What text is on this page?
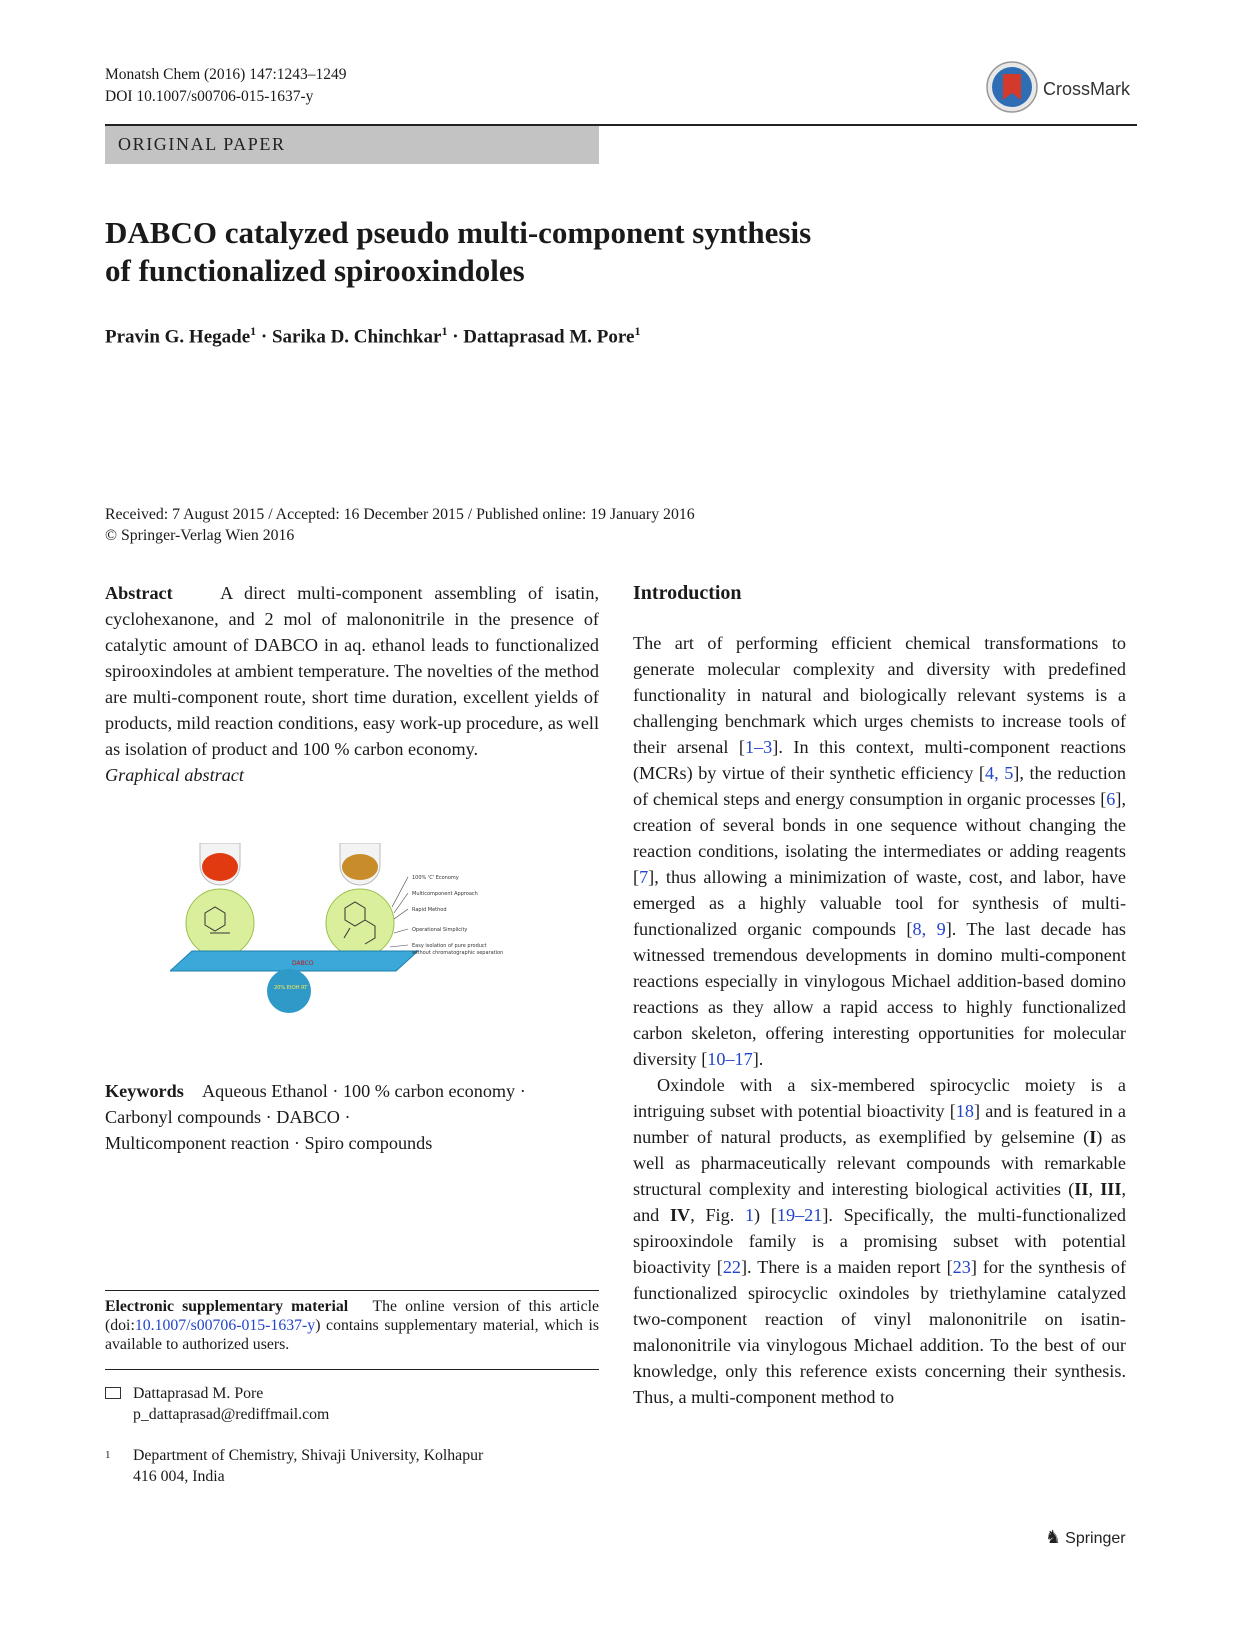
Monatsh Chem (2016) 147:1243–1249
DOI 10.1007/s00706-015-1637-y	CrossMark
ORIGINAL PAPER
DABCO catalyzed pseudo multi-component synthesis
of functionalized spirooxindoles
Pravin G. Hegade$^1$ · Sarika D. Chinchkar$^1$ · Dattaprasad M. Pore$^1$
Received: 7 August 2015 / Accepted: 16 December 2015 / Published online: 19 January 2016
© Springer-Verlag Wien 2016

Abstract	A direct multi-component assembling of isatin, cyclohexanone, and 2 mol of malononitrile in the presence of catalytic amount of DABCO in aq. ethanol leads to functionalized spirooxindoles at ambient temperature. The novelties of the method are multi-component route, short time duration, excellent yields of products, mild reaction conditions, easy work-up procedure, as well as isolation of product and 100 % carbon economy.

Graphical abstract

DABCO
20% EtOH RT
100% 'C' Economy
Multicomponent Approach
Rapid Method
Operational Simplicity
Easy isolation of pure product
without chromatographic separation
Keywords Aqueous Ethanol · 100 % carbon economy ·
Carbonyl compounds · DABCO ·
Multicomponent reaction · Spiro compounds
Electronic supplementary material The online version of this article (doi:10.1007/s00706-015-1637-y) contains supplementary material, which is available to authorized users.
Dattaprasad M. Pore
p_dattaprasad@rediffmail.com
1 Department of Chemistry, Shivaji University, Kolhapur
416 004, India

Introduction

The art of performing efficient chemical transformations to generate molecular complexity and diversity with predefined functionality in natural and biologically relevant systems is a challenging benchmark which urges chemists to increase tools of their arsenal [1–3]. In this context, multi-component reactions (MCRs) by virtue of their synthetic efficiency [4, 5], the reduction of chemical steps and energy consumption in organic processes [6], creation of several bonds in one sequence without changing the reaction conditions, isolating the intermediates or adding reagents [7], thus allowing a minimization of waste, cost, and labor, have emerged as a highly valuable tool for synthesis of multi-functionalized organic compounds [8, 9]. The last decade has witnessed tremendous developments in domino multi-component reactions especially in vinylogous Michael addition-based domino reactions as they allow a rapid access to highly functionalized carbon skeleton, offering interesting opportunities for molecular diversity [10–17].

Oxindole with a six-membered spirocyclic moiety is a intriguing subset with potential bioactivity [18] and is featured in a number of natural products, as exemplified by gelsemine (I) as well as pharmaceutically relevant compounds with remarkable structural complexity and interesting biological activities (II, III, and IV, Fig. 1) [19–21]. Specifically, the multi-functionalized spirooxindole family is a promising subset with potential bioactivity [22]. There is a maiden report [23] for the synthesis of functionalized spirocyclic oxindoles by triethylamine catalyzed two-component reaction of vinyl malononitrile on isatin-malononitrile via vinylogous Michael addition. To the best of our knowledge, only this reference exists concerning their synthesis. Thus, a multi-component method to

♞ Springer
